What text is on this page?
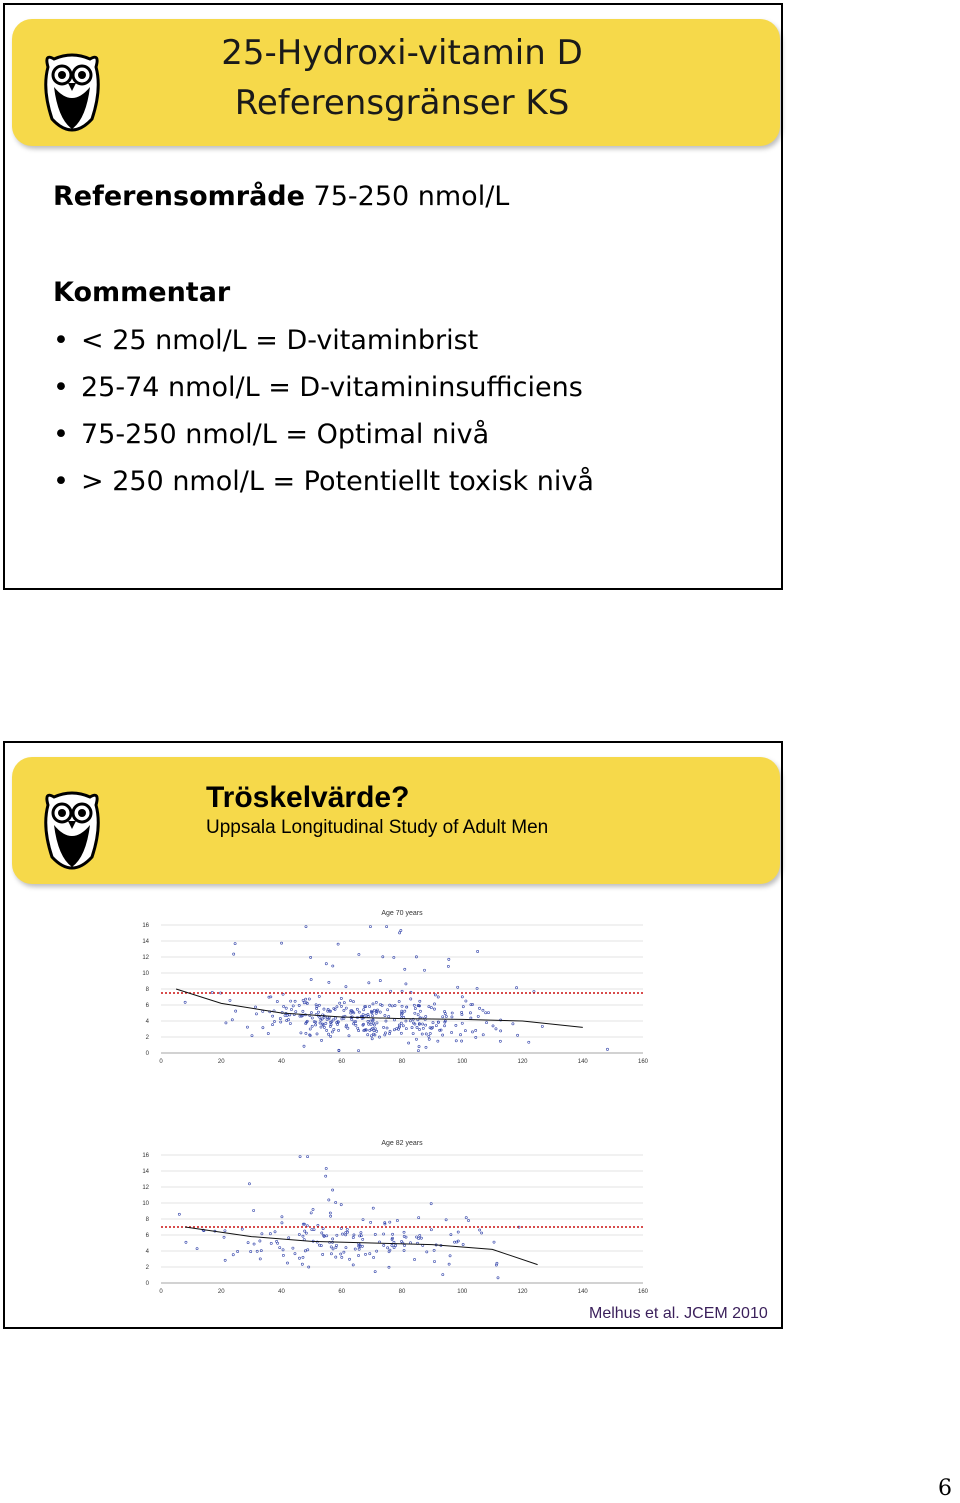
25-Hydroxi-vitamin D
Referensgränser KS
Referensområde 75-250 nmol/L
Kommentar
• < 25 nmol/L = D-vitaminbrist
• 25-74 nmol/L = D-vitamininsufficiens
• 75-250 nmol/L = Optimal nivå
• > 250 nmol/L = Potentiellt toxisk nivå
Tröskelvärde?
Uppsala Longitudinal Study of Adult Men
Age 70 years
0
2
4
6
8
10
12
14
16
0	20	40	60	80	100	120	140	160
Age 82 years
0
2
4
6
8
10
12
14
16
0	20	40	60	80	100	120	140	160
Melhus et al. JCEM 2010
6
